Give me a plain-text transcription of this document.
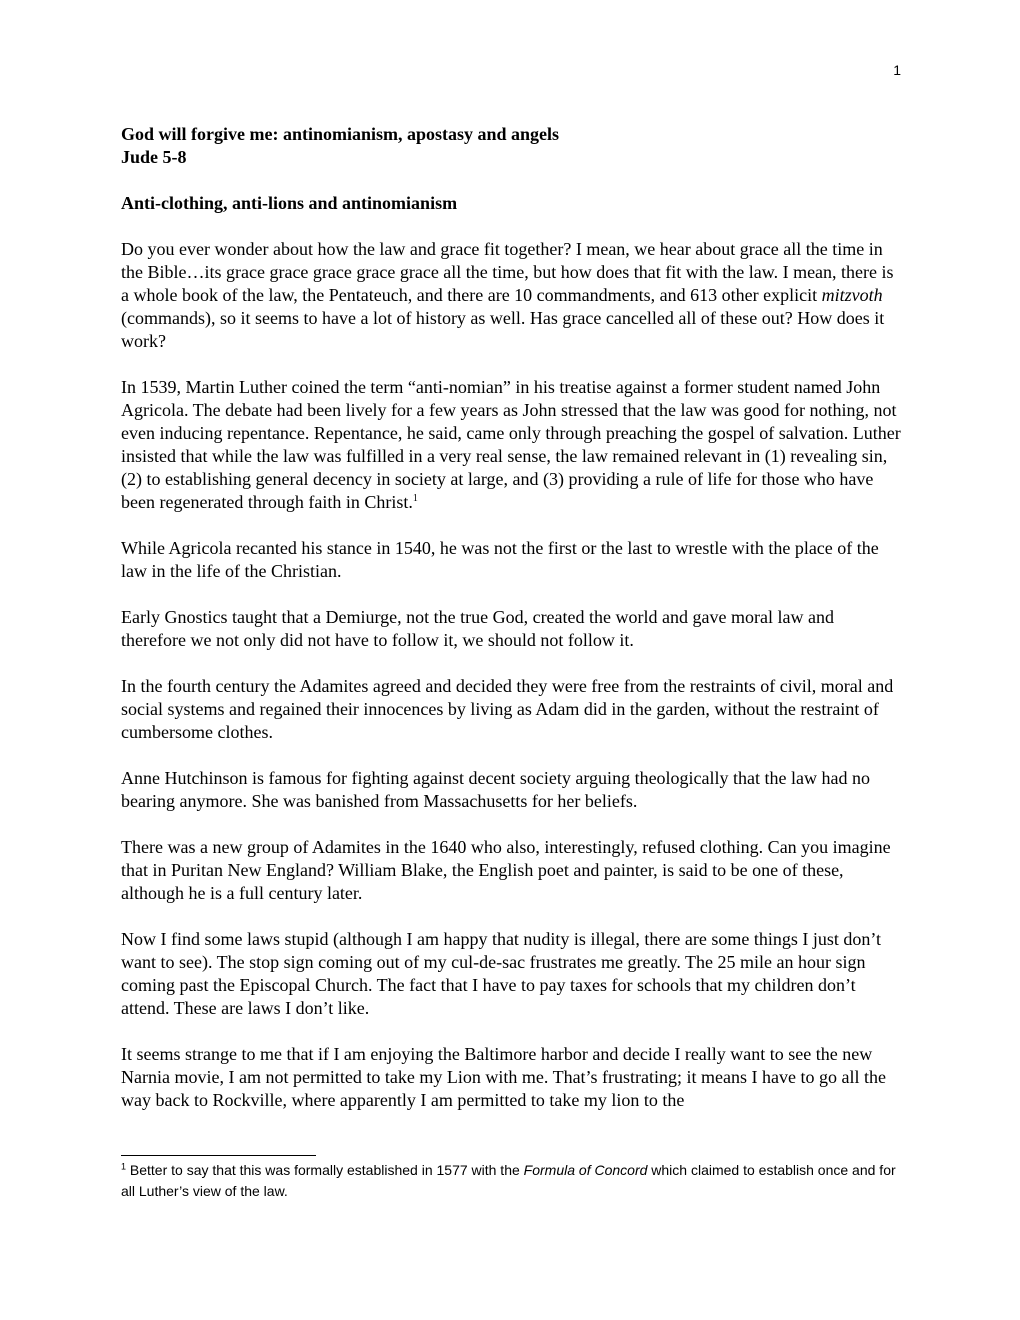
1

God will forgive me: antinomianism, apostasy and angels

Jude 5-8

Anti-clothing, anti-lions and antinomianism

Do you ever wonder about how the law and grace fit together? I mean, we hear about grace all the time in the Bible…its grace grace grace grace grace all the time, but how does that fit with the law. I mean, there is a whole book of the law, the Pentateuch, and there are 10 commandments, and 613 other explicit mitzvoth (commands), so it seems to have a lot of history as well. Has grace cancelled all of these out? How does it work?

In 1539, Martin Luther coined the term “anti-nomian” in his treatise against a former student named John Agricola. The debate had been lively for a few years as John stressed that the law was good for nothing, not even inducing repentance. Repentance, he said, came only through preaching the gospel of salvation. Luther insisted that while the law was fulfilled in a very real sense, the law remained relevant in (1) revealing sin, (2) to establishing general decency in society at large, and (3) providing a rule of life for those who have been regenerated through faith in Christ.$^1$

While Agricola recanted his stance in 1540, he was not the first or the last to wrestle with the place of the law in the life of the Christian.

Early Gnostics taught that a Demiurge, not the true God, created the world and gave moral law and therefore we not only did not have to follow it, we should not follow it.

In the fourth century the Adamites agreed and decided they were free from the restraints of civil, moral and social systems and regained their innocences by living as Adam did in the garden, without the restraint of cumbersome clothes.

Anne Hutchinson is famous for fighting against decent society arguing theologically that the law had no bearing anymore. She was banished from Massachusetts for her beliefs.

There was a new group of Adamites in the 1640 who also, interestingly, refused clothing. Can you imagine that in Puritan New England? William Blake, the English poet and painter, is said to be one of these, although he is a full century later.

Now I find some laws stupid (although I am happy that nudity is illegal, there are some things I just don’t want to see). The stop sign coming out of my cul-de-sac frustrates me greatly. The 25 mile an hour sign coming past the Episcopal Church. The fact that I have to pay taxes for schools that my children don’t attend. These are laws I don’t like.

It seems strange to me that if I am enjoying the Baltimore harbor and decide I really want to see the new Narnia movie, I am not permitted to take my Lion with me. That’s frustrating; it means I have to go all the way back to Rockville, where apparently I am permitted to take my lion to the

$^1$ Better to say that this was formally established in 1577 with the Formula of Concord which claimed to establish once and for all Luther’s view of the law.
